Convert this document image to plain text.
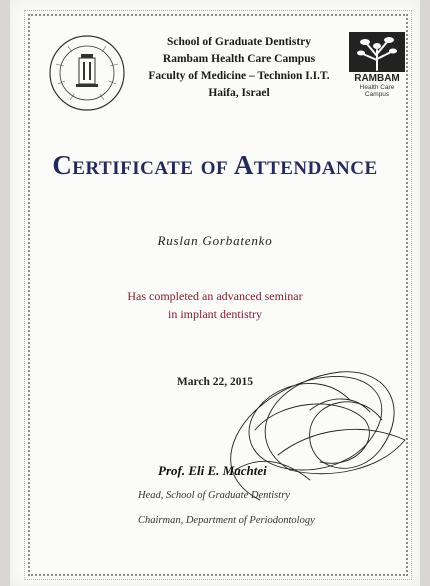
School of Graduate Dentistry
Rambam Health Care Campus
Faculty of Medicine – Technion I.I.T.
Haifa, Israel
RAMBAM
Health Care Campus
Certificate of Attendance
Ruslan Gorbatenko
Has completed an advanced seminar
in implant dentistry
March 22, 2015
Prof. Eli E. Machtei
Head, School of Graduate Dentistry
Chairman, Department of Periodontology
